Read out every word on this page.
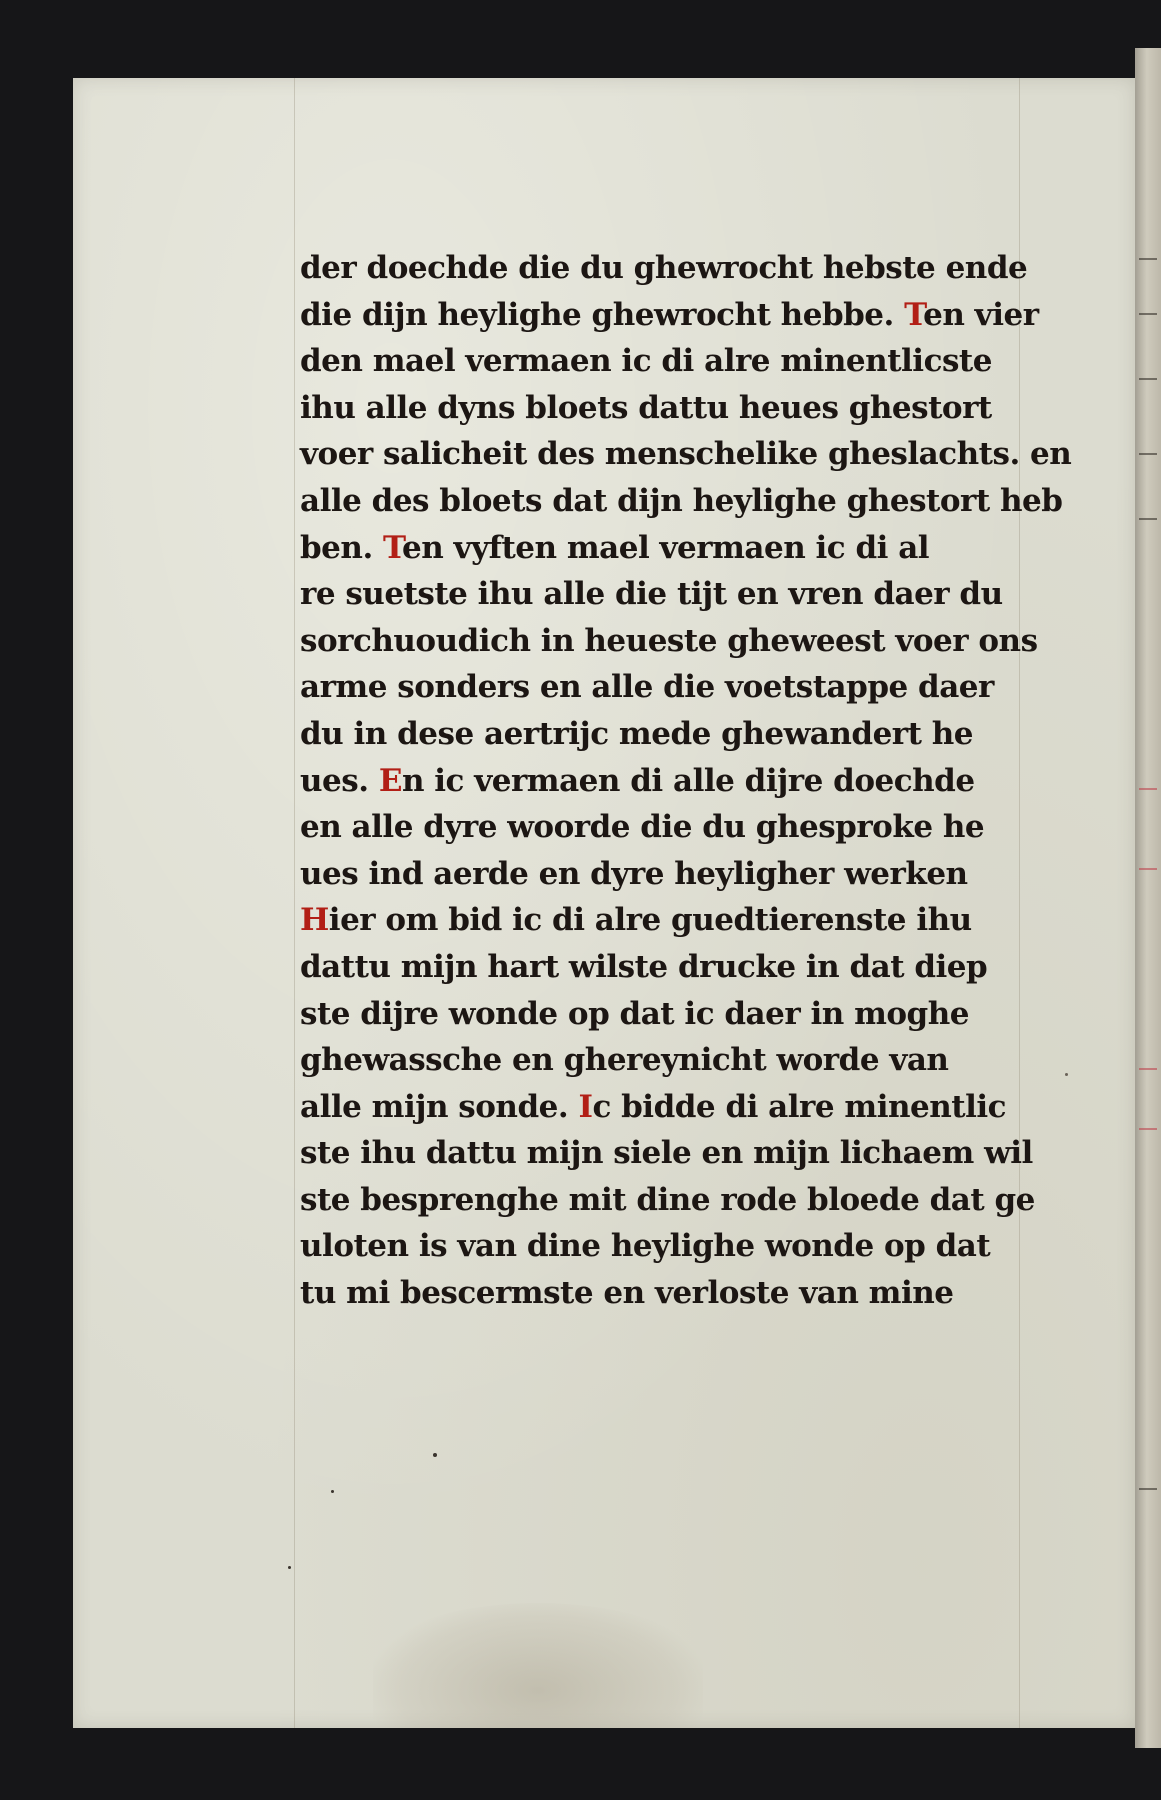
der doechde die du ghewrocht hebste ende
die dijn heylighe ghewrocht hebbe. Ten vier
den mael vermaen ic di alre minentlicste
ihu alle dyns bloets dattu heues ghestort
voer salicheit des menschelike gheslachts. en
alle des bloets dat dijn heylighe ghestort heb
ben. Ten vyften mael vermaen ic di al
re suetste ihu alle die tijt en vren daer du
sorchuoudich in heueste gheweest voer ons
arme sonders en alle die voetstappe daer
du in dese aertrijc mede ghewandert he
ues. En ic vermaen di alle dijre doechde
en alle dyre woorde die du ghesproke he
ues ind aerde en dyre heyligher werken
Hier om bid ic di alre guedtierenste ihu
dattu mijn hart wilste drucke in dat diep
ste dijre wonde op dat ic daer in moghe
ghewassche en ghereynicht worde van
alle mijn sonde. Ic bidde di alre minentlic
ste ihu dattu mijn siele en mijn lichaem wil
ste besprenghe mit dine rode bloede dat ge
uloten is van dine heylighe wonde op dat
tu mi bescermste en verloste van mine
